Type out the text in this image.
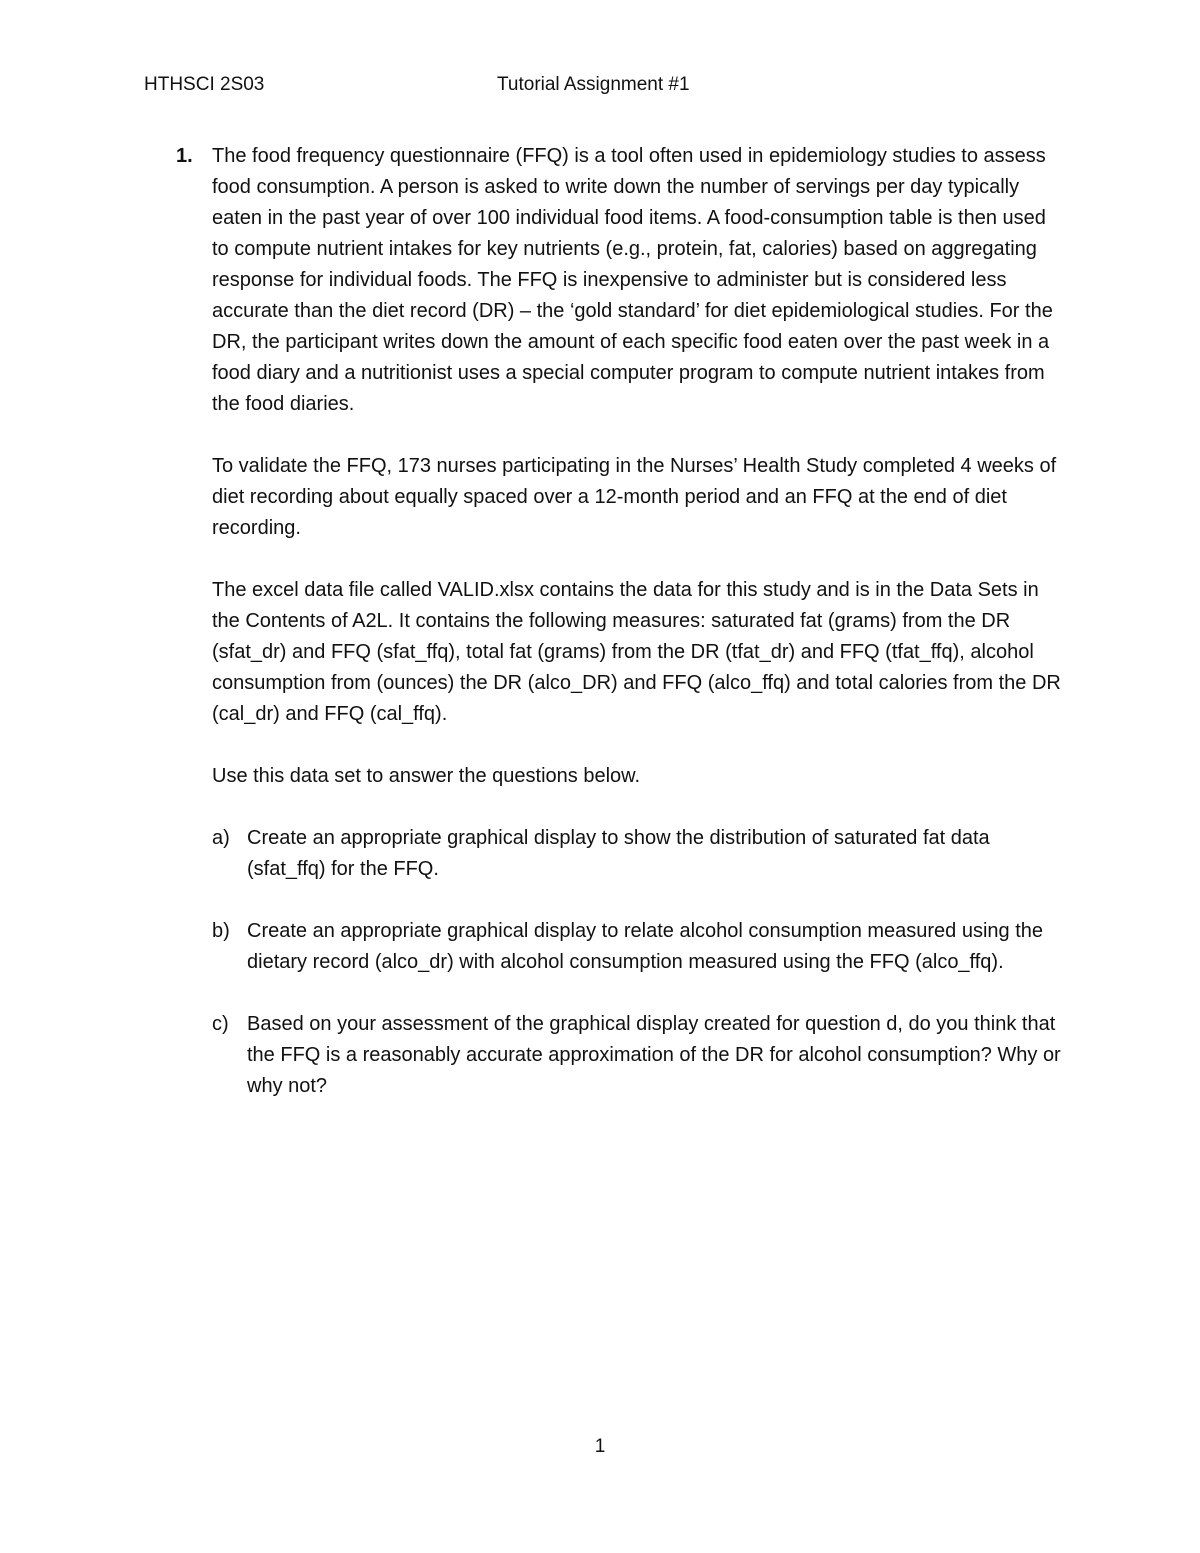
HTHSCI 2S03	Tutorial Assignment #1
1. The food frequency questionnaire (FFQ) is a tool often used in epidemiology studies to assess food consumption. A person is asked to write down the number of servings per day typically eaten in the past year of over 100 individual food items. A food-consumption table is then used to compute nutrient intakes for key nutrients (e.g., protein, fat, calories) based on aggregating response for individual foods. The FFQ is inexpensive to administer but is considered less accurate than the diet record (DR) – the ‘gold standard’ for diet epidemiological studies. For the DR, the participant writes down the amount of each specific food eaten over the past week in a food diary and a nutritionist uses a special computer program to compute nutrient intakes from the food diaries.

To validate the FFQ, 173 nurses participating in the Nurses’ Health Study completed 4 weeks of diet recording about equally spaced over a 12-month period and an FFQ at the end of diet recording.

The excel data file called VALID.xlsx contains the data for this study and is in the Data Sets in the Contents of A2L. It contains the following measures: saturated fat (grams) from the DR (sfat_dr) and FFQ (sfat_ffq), total fat (grams) from the DR (tfat_dr) and FFQ (tfat_ffq), alcohol consumption from (ounces) the DR (alco_DR) and FFQ (alco_ffq) and total calories from the DR (cal_dr) and FFQ (cal_ffq).

Use this data set to answer the questions below.

a) Create an appropriate graphical display to show the distribution of saturated fat data (sfat_ffq) for the FFQ.
b) Create an appropriate graphical display to relate alcohol consumption measured using the dietary record (alco_dr) with alcohol consumption measured using the FFQ (alco_ffq).
c) Based on your assessment of the graphical display created for question d, do you think that the FFQ is a reasonably accurate approximation of the DR for alcohol consumption? Why or why not?
1
